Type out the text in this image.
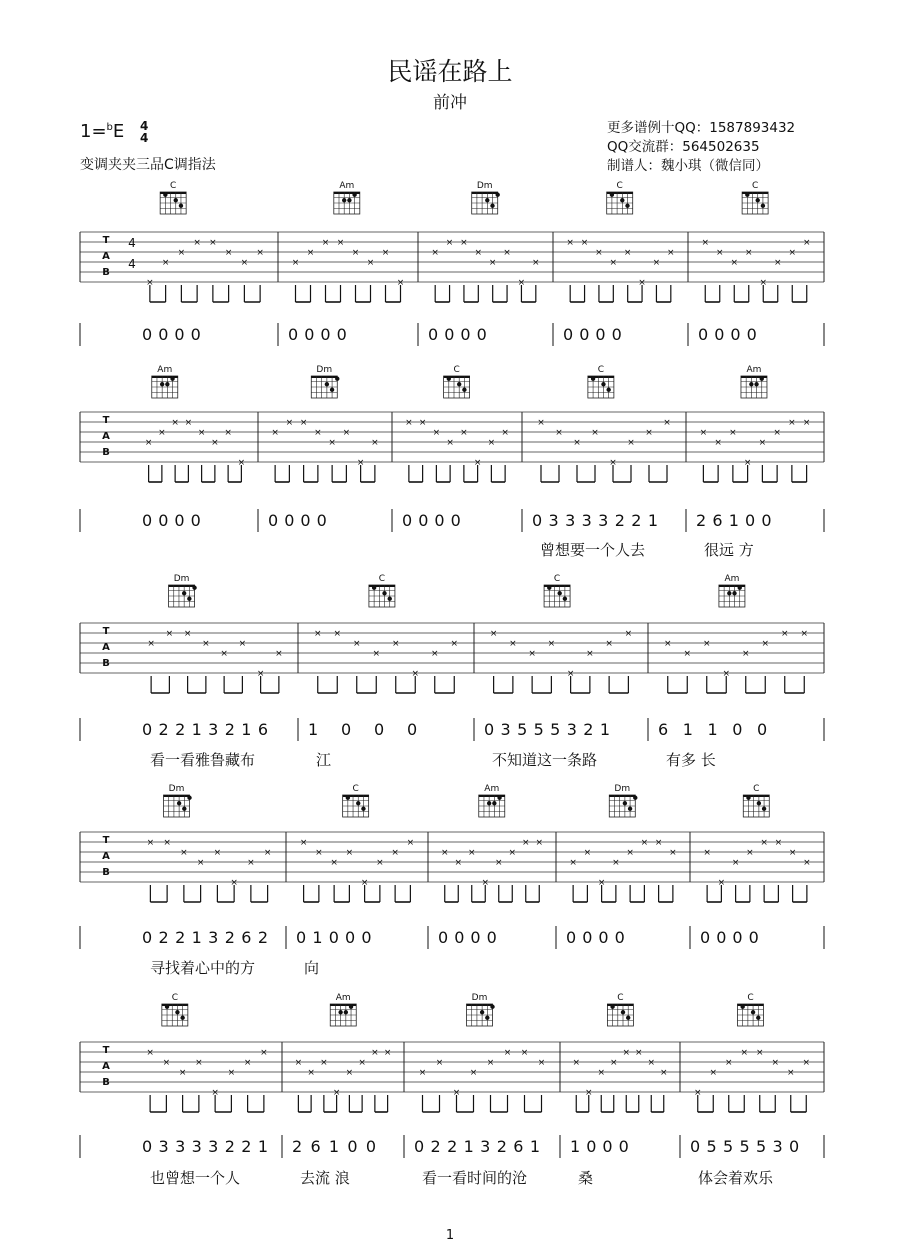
民谣在路上
前冲
1=$^b$E 4
4
变调夹夹三品C调指法
更多谱例十QQ：1587893432
QQ交流群：564502635
制谱人：魏小琪（微信同）
T
A
B
4
4
C
×
×
×
× ×
×
×
×
0 0 0 0
Am
×
×
× ×
×
×
×
×
0 0 0 0
Dm
×
× ×
×
×
×
×
×
0 0 0 0
C
× ×
×
×
×
×
×
×
0 0 0 0
C
×
×
×
×
×
×
×
×
0 0 0 0
T
A
B
Am
×
×
× ×
×
×
×
×
0 0 0 0
Dm
×
× ×
×
×
×
×
×
0 0 0 0
C
× ×
×
×
×
×
×
×
0 0 0 0
C
×
×
×
×
×
×
×
×
0 3 3 3 3 2 2 1
曾想要一个人去
Am
×
×
×
×
×
×
× ×
2 6 1 0 0
很远 方
T
A
B
Dm
×
× ×
×
×
×
×
×
0 2 2 1 3 2 1 6
看一看雅鲁藏布
C
× ×
×
×
×
×
×
×
1 0 0 0
江
C
×
×
×
×
×
×
×
×
0 3 5 5 5 3 2 1
不知道这一条路
Am
×
×
×
×
×
×
× ×
6 1 1 0 0
有多 长
T
A
B
Dm
× ×
×
×
×
×
×
×
0 2 2 1 3 2 6 2
寻找着心中的方
C
×
×
×
×
×
×
×
×
0 1 0 0 0
向
Am
×
×
×
×
×
×
× ×
0 0 0 0
Dm
×
×
×
×
×
× ×
×
0 0 0 0
C
×
×
×
×
× ×
×
×
0 0 0 0
T
A
B
C
×
×
×
×
×
×
×
×
0 3 3 3 3 2 2 1
也曾想一个人
Am
×
×
×
×
×
×
× ×
2 6 1 0 0
去流 浪
Dm
×
×
×
×
×
× ×
×
0 2 2 1 3 2 6 1
看一看时间的沧
C
×
×
×
×
× ×
×
×
1 0 0 0
桑
C
×
×
×
× ×
×
×
×
0 5 5 5 5 3 0
体会着欢乐
1
